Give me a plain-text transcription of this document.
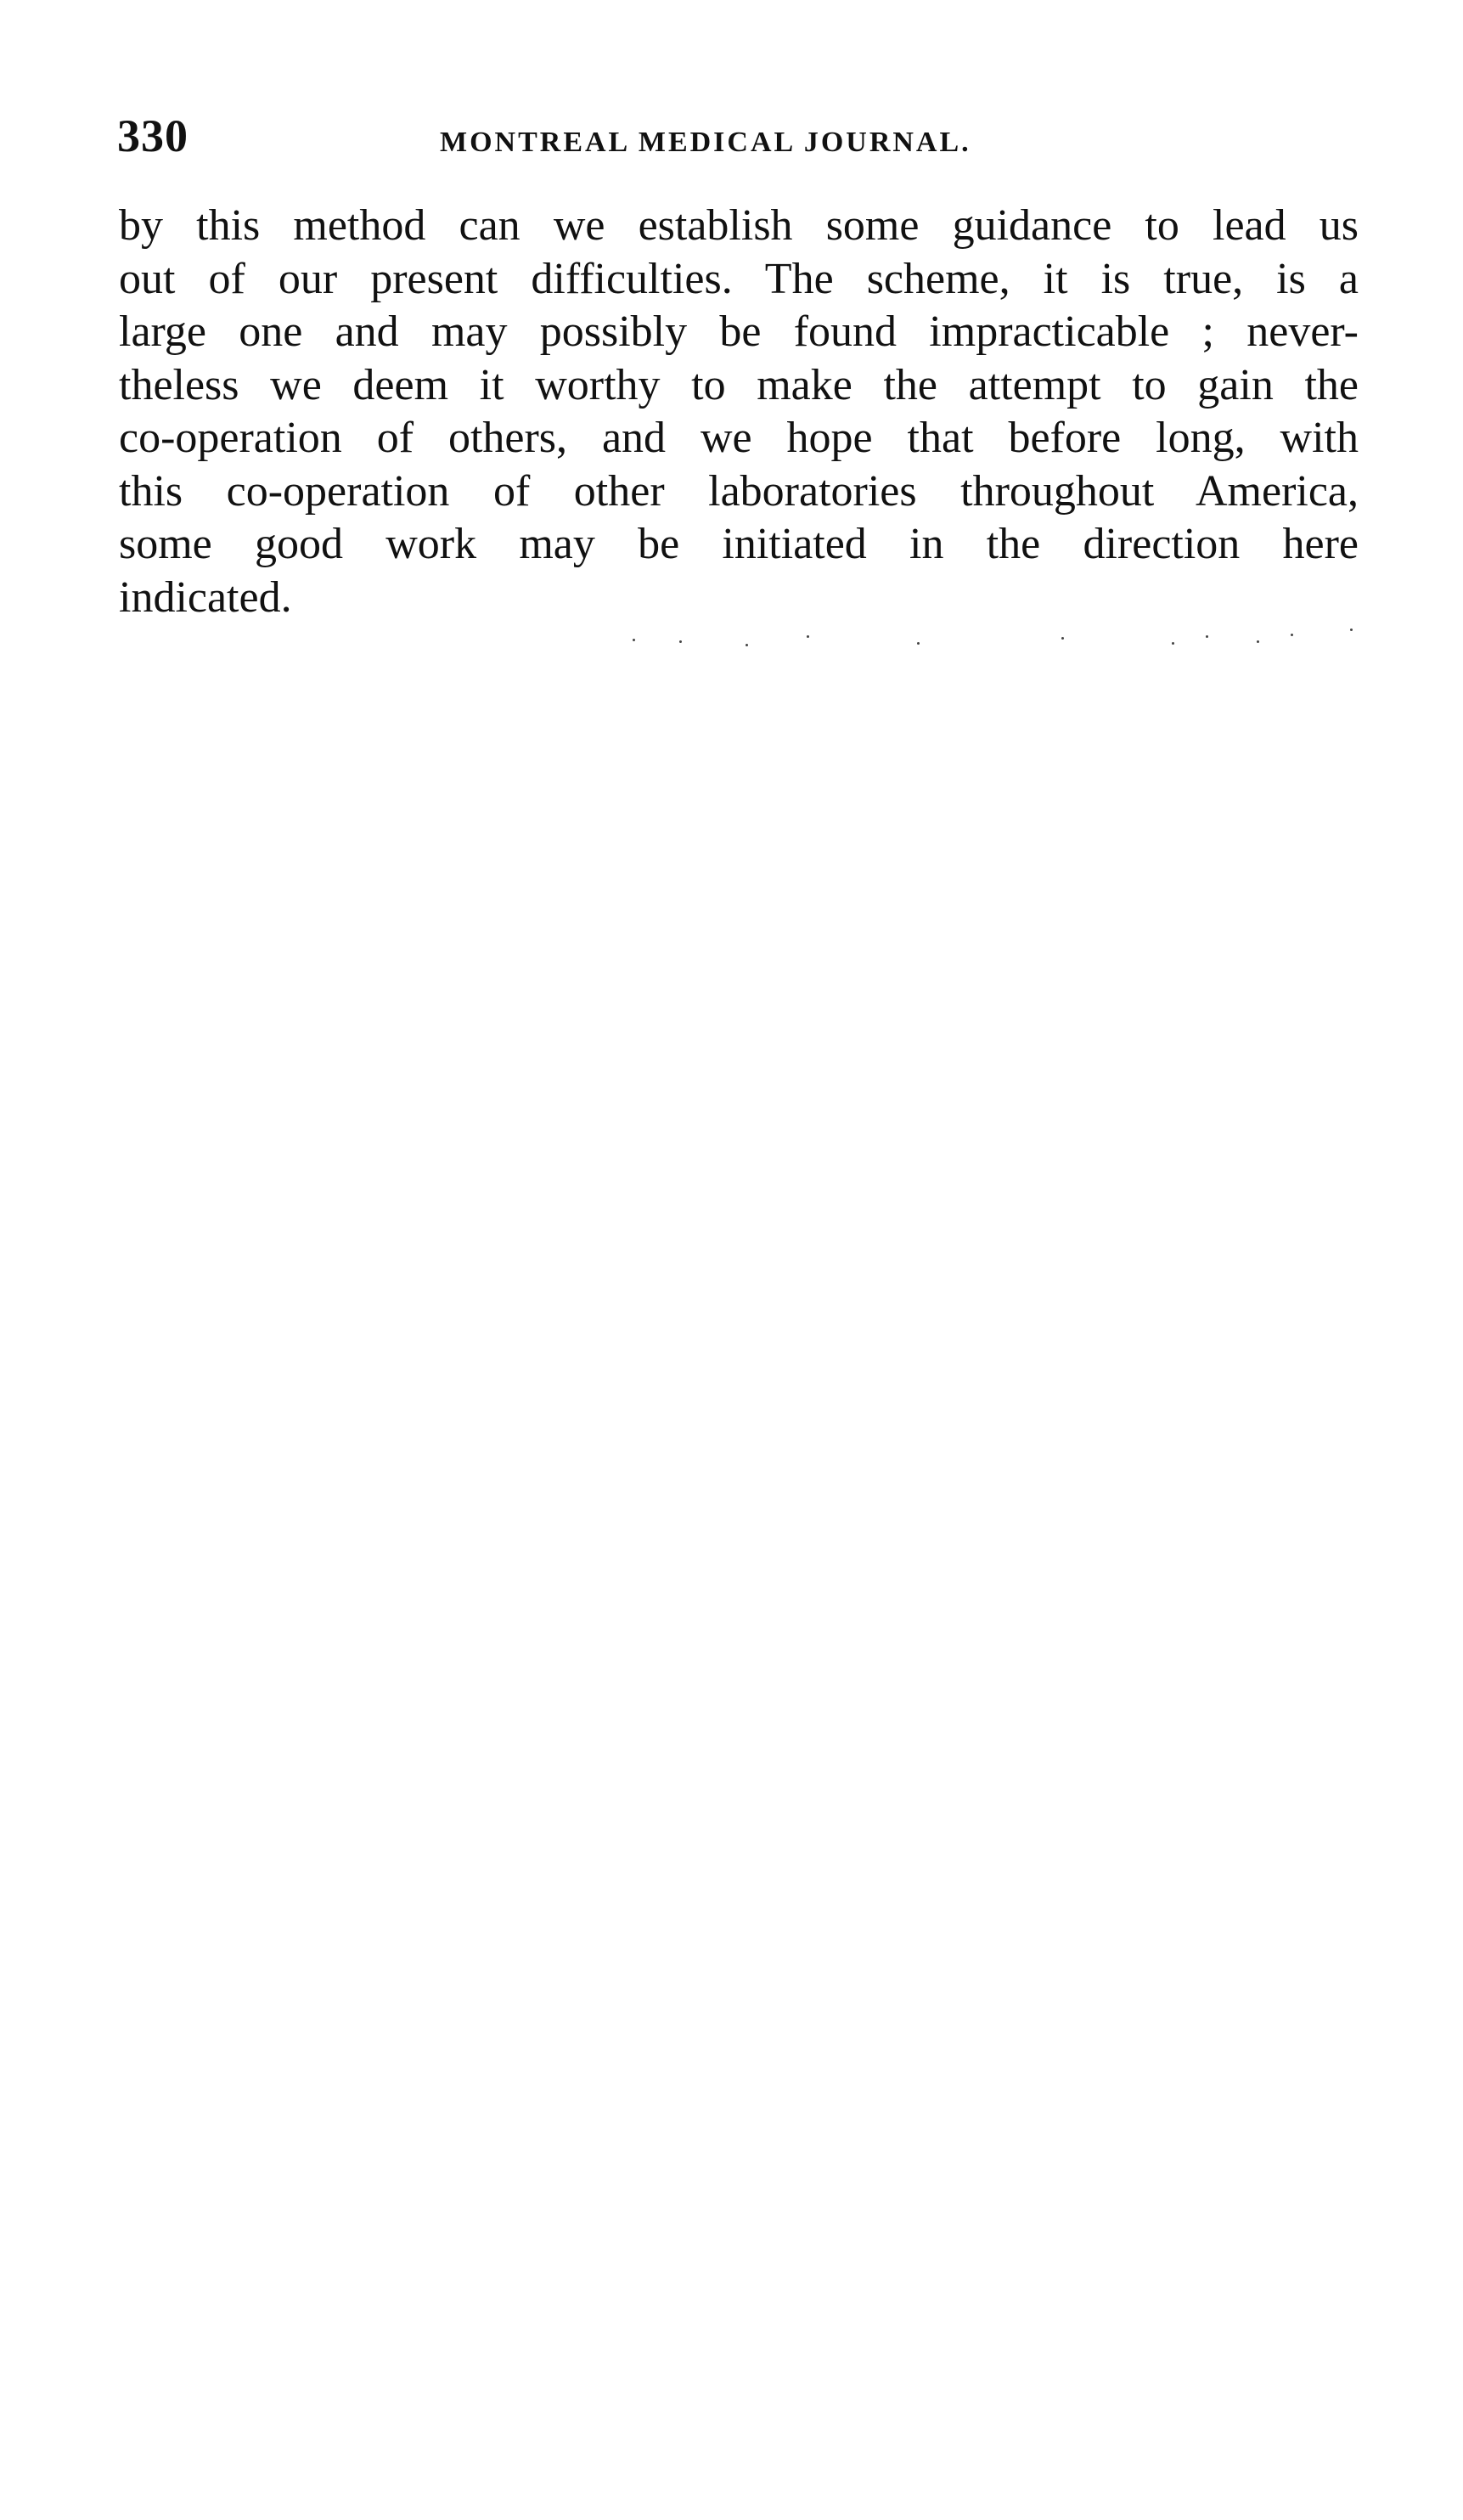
330	MONTREAL MEDICAL JOURNAL.

by this method can we establish some guidance to lead us
out of our present difficulties. The scheme, it is true, is a
large one and may possibly be found impracticable ; never-
theless we deem it worthy to make the attempt to gain the
co-operation of others, and we hope that before long, with
this co-operation of other laboratories throughout America,
some good work may be initiated in the direction here
indicated.
